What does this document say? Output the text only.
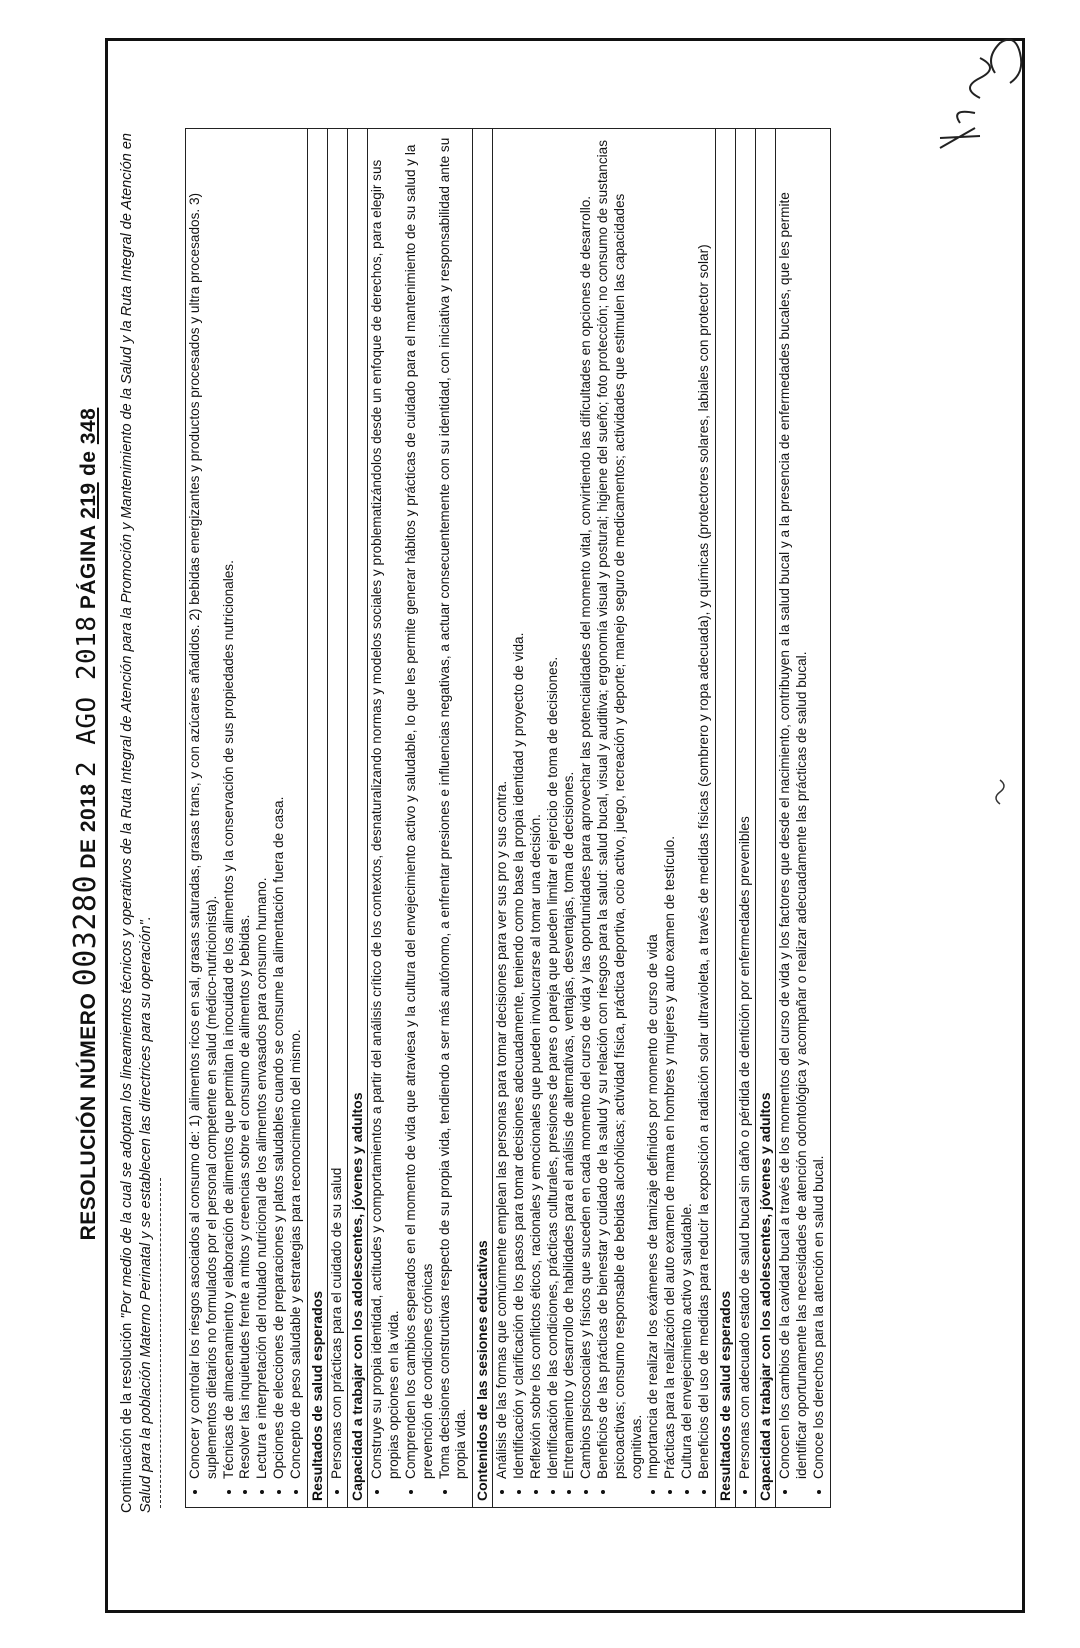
RESOLUCIÓN NÚMERO 003280 DE 2018 2 AGO 2018 PÁGINA 219 de 348
Continuación de la resolución "Por medio de la cual se adoptan los lineamientos técnicos y operativos de la Ruta Integral de Atención para la Promoción y Mantenimiento de la Salud y la Ruta Integral de Atención en Salud para la población Materno Perinatal y se establecen las directrices para su operación". • Conocer y controlar los riesgos asociados al consumo de: 1) alimentos ricos en sal, grasas saturadas, grasas trans, y con azúcares añadidos. 2) bebidas energizantes y productos procesados y ultra procesados. 3) suplementos dietarios no formulados por el personal competente en salud (médico-nutricionista). • Técnicas de almacenamiento y elaboración de alimentos que permitan la inocuidad de los alimentos y la conservación de sus propiedades nutricionales. • Resolver las inquietudes frente a mitos y creencias sobre el consumo de alimentos y bebidas. • Lectura e interpretación del rotulado nutricional de los alimentos envasados para consumo humano. • Opciones de elecciones de preparaciones y platos saludables cuando se consume la alimentación fuera de casa. • Concepto de peso saludable y estrategias para reconocimiento del mismo.

Resultados de salud esperados

• Personas con prácticas para el cuidado de su salud

Capacidad a trabajar con los adolescentes, jóvenes y adultos

• Construye su propia identidad, actitudes y comportamientos a partir del análisis crítico de los contextos, desnaturalizando normas y modelos sociales y problematizándolos desde un enfoque de derechos, para elegir sus propias opciones en la vida. • Comprenden los cambios esperados en el momento de vida que atraviesa y la cultura del envejecimiento activo y saludable, lo que les permite generar hábitos y prácticas de cuidado para el mantenimiento de su salud y la prevención de condiciones crónicas • Toma decisiones constructivas respecto de su propia vida, tendiendo a ser más autónomo, a enfrentar presiones e influencias negativas, a actuar consecuentemente con su identidad, con iniciativa y responsabilidad ante su propia vida.

Contenidos de las sesiones educativas

• Análisis de las formas que comúnmente emplean las personas para tomar decisiones para ver sus pro y sus contra. • Identificación y clarificación de los pasos para tomar decisiones adecuadamente, teniendo como base la propia identidad y proyecto de vida. • Reflexión sobre los conflictos éticos, racionales y emocionales que pueden involucrarse al tomar una decisión. • Identificación de las condiciones, prácticas culturales, presiones de pares o pareja que pueden limitar el ejercicio de toma de decisiones. • Entrenamiento y desarrollo de habilidades para el análisis de alternativas, ventajas, desventajas, toma de decisiones. • Cambios psicosociales y físicos que suceden en cada momento del curso de vida y las oportunidades para aprovechar las potencialidades del momento vital, convirtiendo las dificultades en opciones de desarrollo. • Beneficios de las prácticas de bienestar y cuidado de la salud y su relación con riesgos para la salud: salud bucal, visual y auditiva; ergonomía visual y postural; higiene del sueño; foto protección; no consumo de sustancias psicoactivas; consumo responsable de bebidas alcohólicas; actividad física, práctica deportiva, ocio activo, juego, recreación y deporte; manejo seguro de medicamentos; actividades que estimulen las capacidades cognitivas. • Importancia de realizar los exámenes de tamizaje definidos por momento de curso de vida • Prácticas para la realización del auto examen de mama en hombres y mujeres y auto examen de testículo. • Cultura del envejecimiento activo y saludable. • Beneficios del uso de medidas para reducir la exposición a radiación solar ultravioleta, a través de medidas físicas (sombrero y ropa adecuada), y químicas (protectores solares, labiales con protector solar)

Resultados de salud esperados

• Personas con adecuado estado de salud bucal sin daño o pérdida de dentición por enfermedades prevenibles

Capacidad a trabajar con los adolescentes, jóvenes y adultos

• Conocen los cambios de la cavidad bucal a través de los momentos del curso de vida y los factores que desde el nacimiento, contribuyen a la salud bucal y a la presencia de enfermedades bucales, que les permite identificar oportunamente las necesidades de atención odontológica y acompañar o realizar adecuadamente las prácticas de salud bucal. • Conoce los derechos para la atención en salud bucal.
